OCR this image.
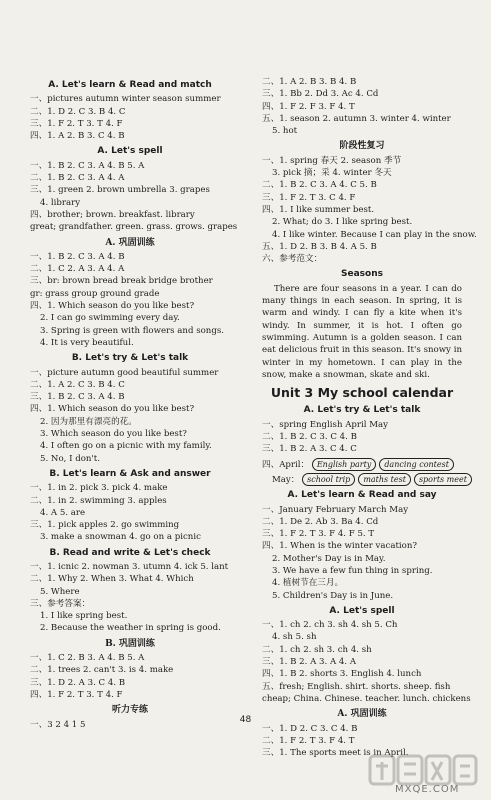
A. Let's learn & Read and match
一、pictures autumn winter season summer
二、1. D 2. C 3. B 4. C
三、1. F 2. T 3. T 4. F
四、1. A 2. B 3. C 4. B
A. Let's spell
一、1. B 2. C 3. A 4. B 5. A
二、1. B 2. C 3. A 4. A
三、1. green 2. brown umbrella 3. grapes
4. library
四、brother; brown. breakfast. library
great; grandfather. green. grass. grows. grapes
A. 巩固训练
一、1. B 2. C 3. A 4. B
二、1. C 2. A 3. A 4. A
三、br: brown bread break bridge brother
gr: grass group ground grade
四、1. Which season do you like best?
2. I can go swimming every day.
3. Spring is green with flowers and songs.
4. It is very beautiful.
B. Let's try & Let's talk
一、picture autumn good beautiful summer
二、1. A 2. C 3. B 4. C
三、1. B 2. C 3. A 4. B
四、1. Which season do you like best?
2. 因为那里有漂亮的花。
3. Which season do you like best?
4. I often go on a picnic with my family.
5. No, I don't.
B. Let's learn & Ask and answer
一、1. in 2. pick 3. pick 4. make
二、1. in 2. swimming 3. apples
4. A 5. are
三、1. pick apples 2. go swimming
3. make a snowman 4. go on a picnic
B. Read and write & Let's check
一、1. icnic 2. nowman 3. utumn 4. ick 5. lant
二、1. Why 2. When 3. What 4. Which
5. Where
三、参考答案：
1. I like spring best.
2. Because the weather in spring is good.
B. 巩固训练
一、1. C 2. B 3. A 4. B 5. A
二、1. trees 2. can't 3. is 4. make
三、1. D 2. A 3. C 4. B
四、1. F 2. T 3. T 4. F
听力专练
一、3 2 4 1 5
二、1. A 2. B 3. B 4. B
三、1. Bb 2. Dd 3. Ac 4. Cd
四、1. F 2. F 3. F 4. T
五、1. season 2. autumn 3. winter 4. winter
5. hot
阶段性复习
一、1. spring 春天 2. season 季节
3. pick 摘；采 4. winter 冬天
二、1. B 2. C 3. A 4. C 5. B
三、1. F 2. T 3. C 4. F
四、1. I like summer best.
2. What; do 3. I like spring best.
4. I like winter. Because I can play in the snow.
五、1. D 2. B 3. B 4. A 5. B
六、参考范文：
Seasons
There are four seasons in a year. I can do many things in each season. In spring, it is warm and windy. I can fly a kite when it's windy. In summer, it is hot. I often go swimming. Autumn is a golden season. I can eat delicious fruit in this season. It's snowy in winter in my hometown. I can play in the snow, make a snowman, skate and ski.
Unit 3 My school calendar
A. Let's try & Let's talk
一、spring English April May
二、1. B 2. C 3. C 4. B
三、1. B 2. A 3. C 4. C
四、April： English party dancing contest
May： school trip maths test sports meet
A. Let's learn & Read and say
一、January February March May
二、1. De 2. Ab 3. Ba 4. Cd
三、1. F 2. T 3. F 4. F 5. T
四、1. When is the winter vacation?
2. Mother's Day is in May.
3. We have a few fun thing in spring.
4. 植树节在三月。
5. Children's Day is in June.
A. Let's spell
一、1. ch 2. ch 3. sh 4. sh 5. Ch
4. sh 5. sh
二、1. ch 2. sh 3. ch 4. sh
三、1. B 2. A 3. A 4. A
四、1. B 2. shorts 3. English 4. lunch
五、fresh; English. shirt. shorts. sheep. fish
cheap; China. Chinese. teacher. lunch. chickens
A. 巩固训练
一、1. D 2. C 3. C 4. B
二、1. F 2. T 3. F 4. T
三、1. The sports meet is in April.
48
MXQE.COM
